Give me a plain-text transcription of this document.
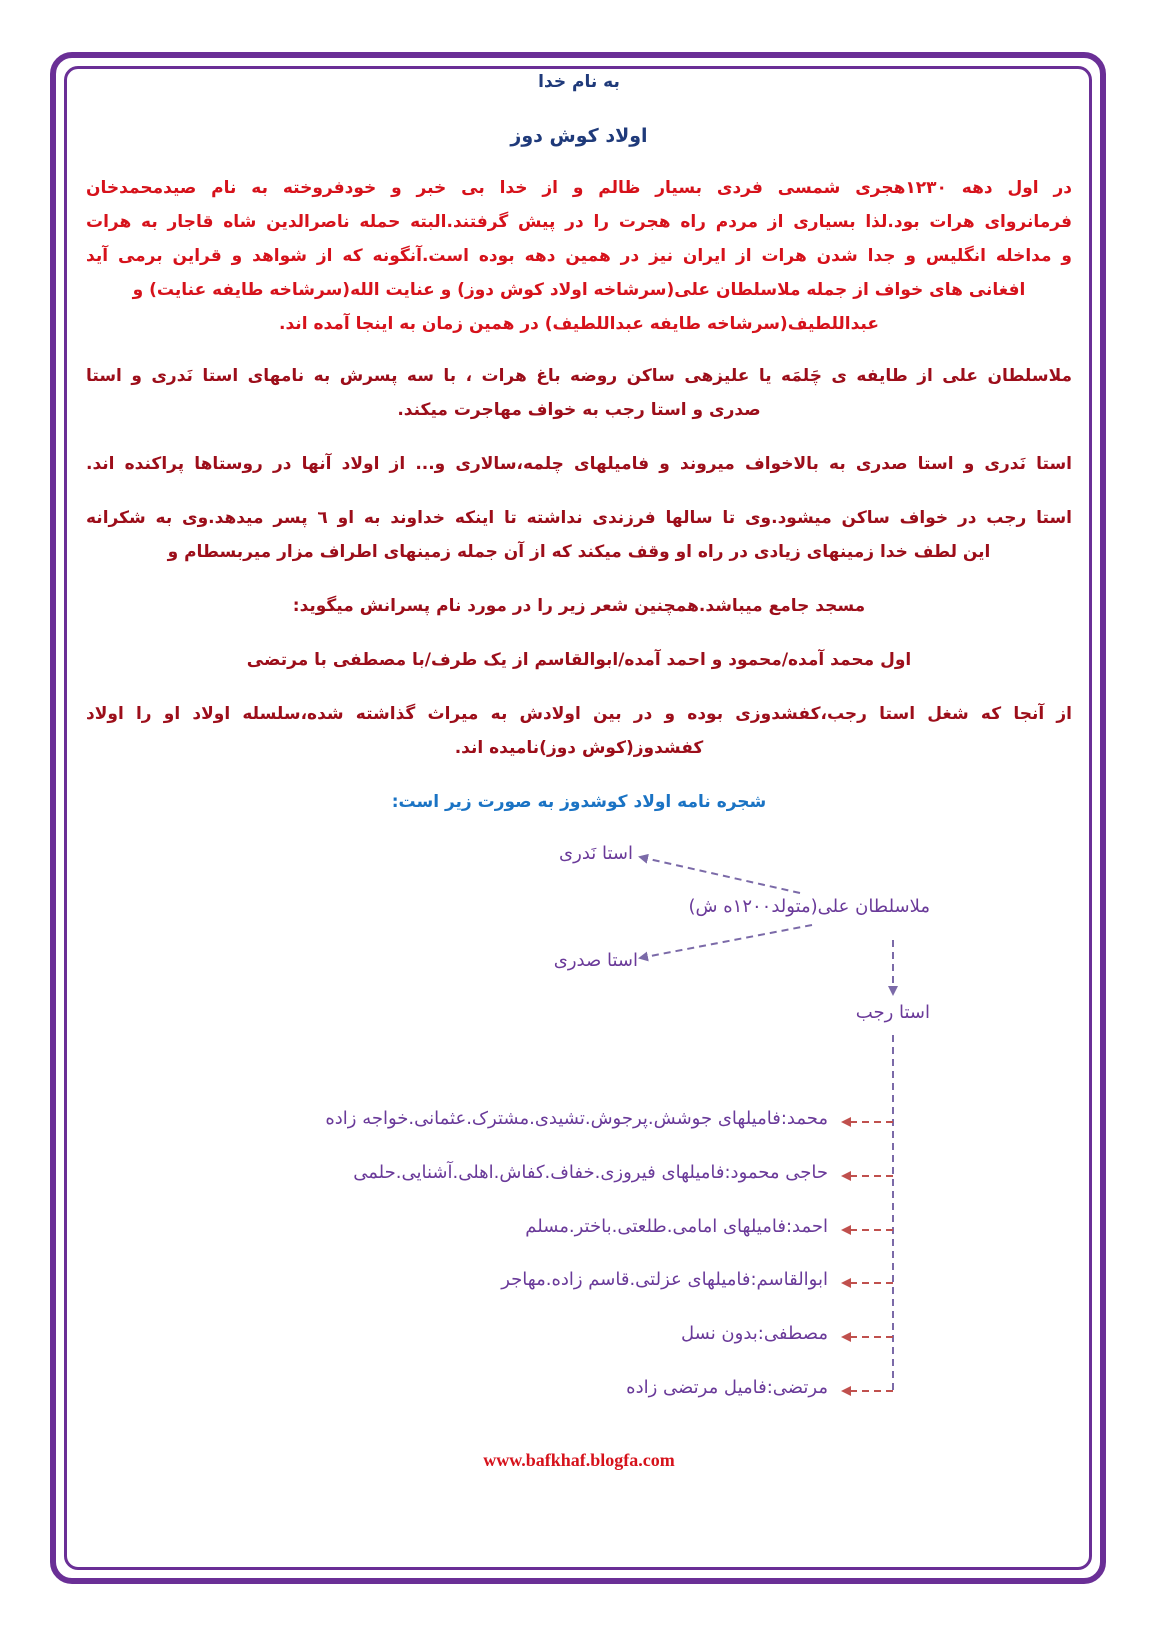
به نام خدا

اولاد کوش دوز

در اول دهه ۱۲۳۰هجری شمسی فردی بسیار ظالم و از خدا بی خبر و خودفروخته به نام صیدمحمدخان

فرمانروای هرات بود.لذا بسیاری از مردم راه هجرت را در پیش گرفتند.البته حمله ناصرالدین شاه قاجار به هرات

و مداخله انگلیس و جدا شدن هرات از ایران نیز در همین دهه بوده است.آنگونه که از شواهد و قراین برمی آید

افغانی های خواف از جمله ملاسلطان علی(سرشاخه اولاد کوش دوز) و عنایت الله(سرشاخه طایفه عنایت) و

عبداللطیف(سرشاخه طایفه عبداللطیف) در همین زمان به اینجا آمده اند.

ملاسلطان علی از طایفه ی چَلمَه یا علیزهی ساکن روضه باغ هرات ، با سه پسرش به نامهای استا نَدری و استا

صدری و استا رجب به خواف مهاجرت میکند.

استا نَدری و استا صدری به بالاخواف میروند و فامیلهای چلمه،سالاری و... از اولاد آنها در روستاها پراکنده اند.

استا رجب در خواف ساکن میشود.وی تا سالها فرزندی نداشته تا اینکه خداوند به او ٦ پسر میدهد.وی به شکرانه

این لطف خدا زمینهای زیادی در راه او وقف میکند که از آن جمله زمینهای اطراف مزار میربسطام و

مسجد جامع میباشد.همچنین شعر زیر را در مورد نام پسرانش میگوید:

اول محمد آمده/محمود و احمد آمده/ابوالقاسم از یک طرف/با مصطفی با مرتضی

از آنجا که شغل استا رجب،کفشدوزی بوده و در بین اولادش به میراث گذاشته شده،سلسله اولاد او را اولاد

کفشدوز(کوش دوز)نامیده اند.

شجره نامه اولاد کوشدوز به صورت زیر است:

استا نَدری
ملاسلطان علی(متولد۱۲۰۰ه ش)
استا صدری
استا رجب
محمد:فامیلهای جوشش.پرجوش.تشیدی.مشترک.عثمانی.خواجه زاده
حاجی محمود:فامیلهای فیروزی.خفاف.کفاش.اهلی.آشنایی.حلمی
احمد:فامیلهای امامی.طلعتی.باختر.مسلم
ابوالقاسم:فامیلهای عزلتی.قاسم زاده.مهاجر
مصطفی:بدون نسل
مرتضی:فامیل مرتضی زاده
www.bafkhaf.blogfa.com
